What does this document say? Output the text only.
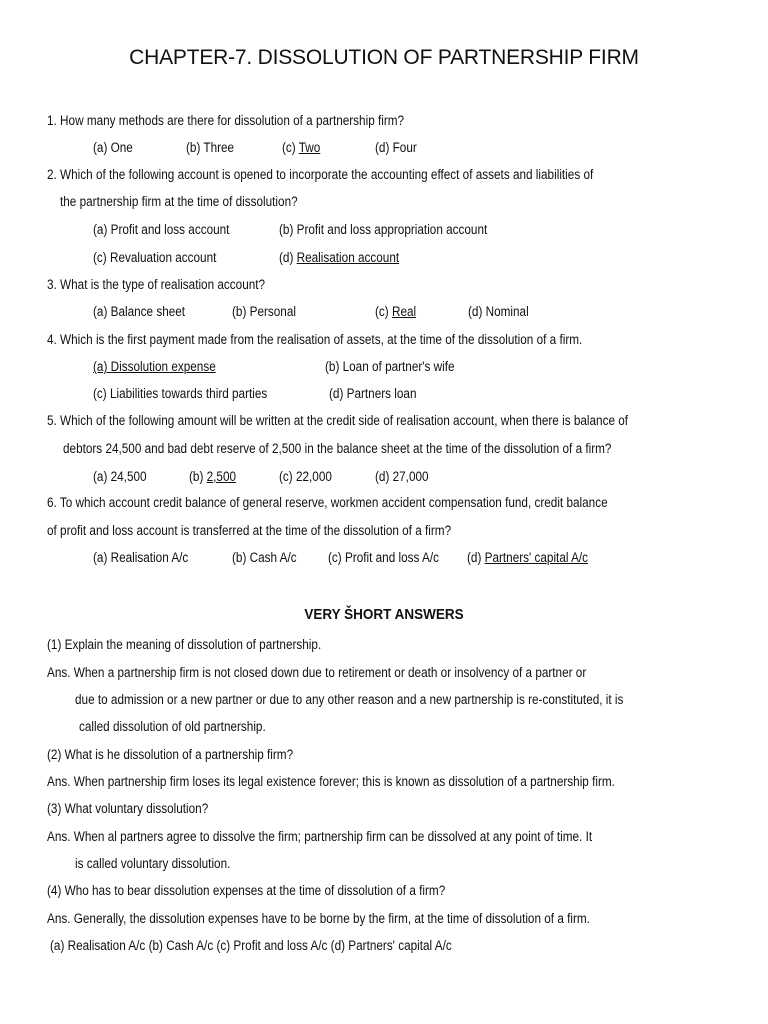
CHAPTER-7. DISSOLUTION OF PARTNERSHIP FIRM
1. How many methods are there for dissolution of a partnership firm?
(a) One	(b) Three	(c) Two	(d) Four
2. Which of the following account is opened to incorporate the accounting effect of assets and liabilities of
the partnership firm at the time of dissolution?
(a) Profit and loss account	(b) Profit and loss appropriation account
(c) Revaluation account	(d) Realisation account
3. What is the type of realisation account?
(a) Balance sheet	(b) Personal	(c) Real	(d) Nominal
4. Which is the first payment made from the realisation of assets, at the time of the dissolution of a firm.
(a) Dissolution expense	(b) Loan of partner's wife
(c) Liabilities towards third parties	(d) Partners loan
5. Which of the following amount will be written at the credit side of realisation account, when there is balance of
debtors 24,500 and bad debt reserve of 2,500 in the balance sheet at the time of the dissolution of a firm?
(a) 24,500	(b) 2,500	(c) 22,000	(d) 27,000
6. To which account credit balance of general reserve, workmen accident compensation fund, credit balance
of profit and loss account is transferred at the time of the dissolution of a firm?
(a) Realisation A/c	(b) Cash A/c (c) Profit and loss A/c (d) Partners' capital A/c
VERY ŠHORT ANSWERS
(1) Explain the meaning of dissolution of partnership.
Ans. When a partnership firm is not closed down due to retirement or death or insolvency of a partner or
due to admission or a new partner or due to any other reason and a new partnership is re-constituted, it is
called dissolution of old partnership.
(2) What is he dissolution of a partnership firm?
Ans. When partnership firm loses its legal existence forever; this is known as dissolution of a partnership firm.
(3) What voluntary dissolution?
Ans. When al partners agree to dissolve the firm; partnership firm can be dissolved at any point of time. It
is called voluntary dissolution.
(4) Who has to bear dissolution expenses at the time of dissolution of a firm?
Ans. Generally, the dissolution expenses have to be borne by the firm, at the time of dissolution of a firm.
(a) Realisation A/c (b) Cash A/c (c) Profit and loss A/c (d) Partners' capital A/c
